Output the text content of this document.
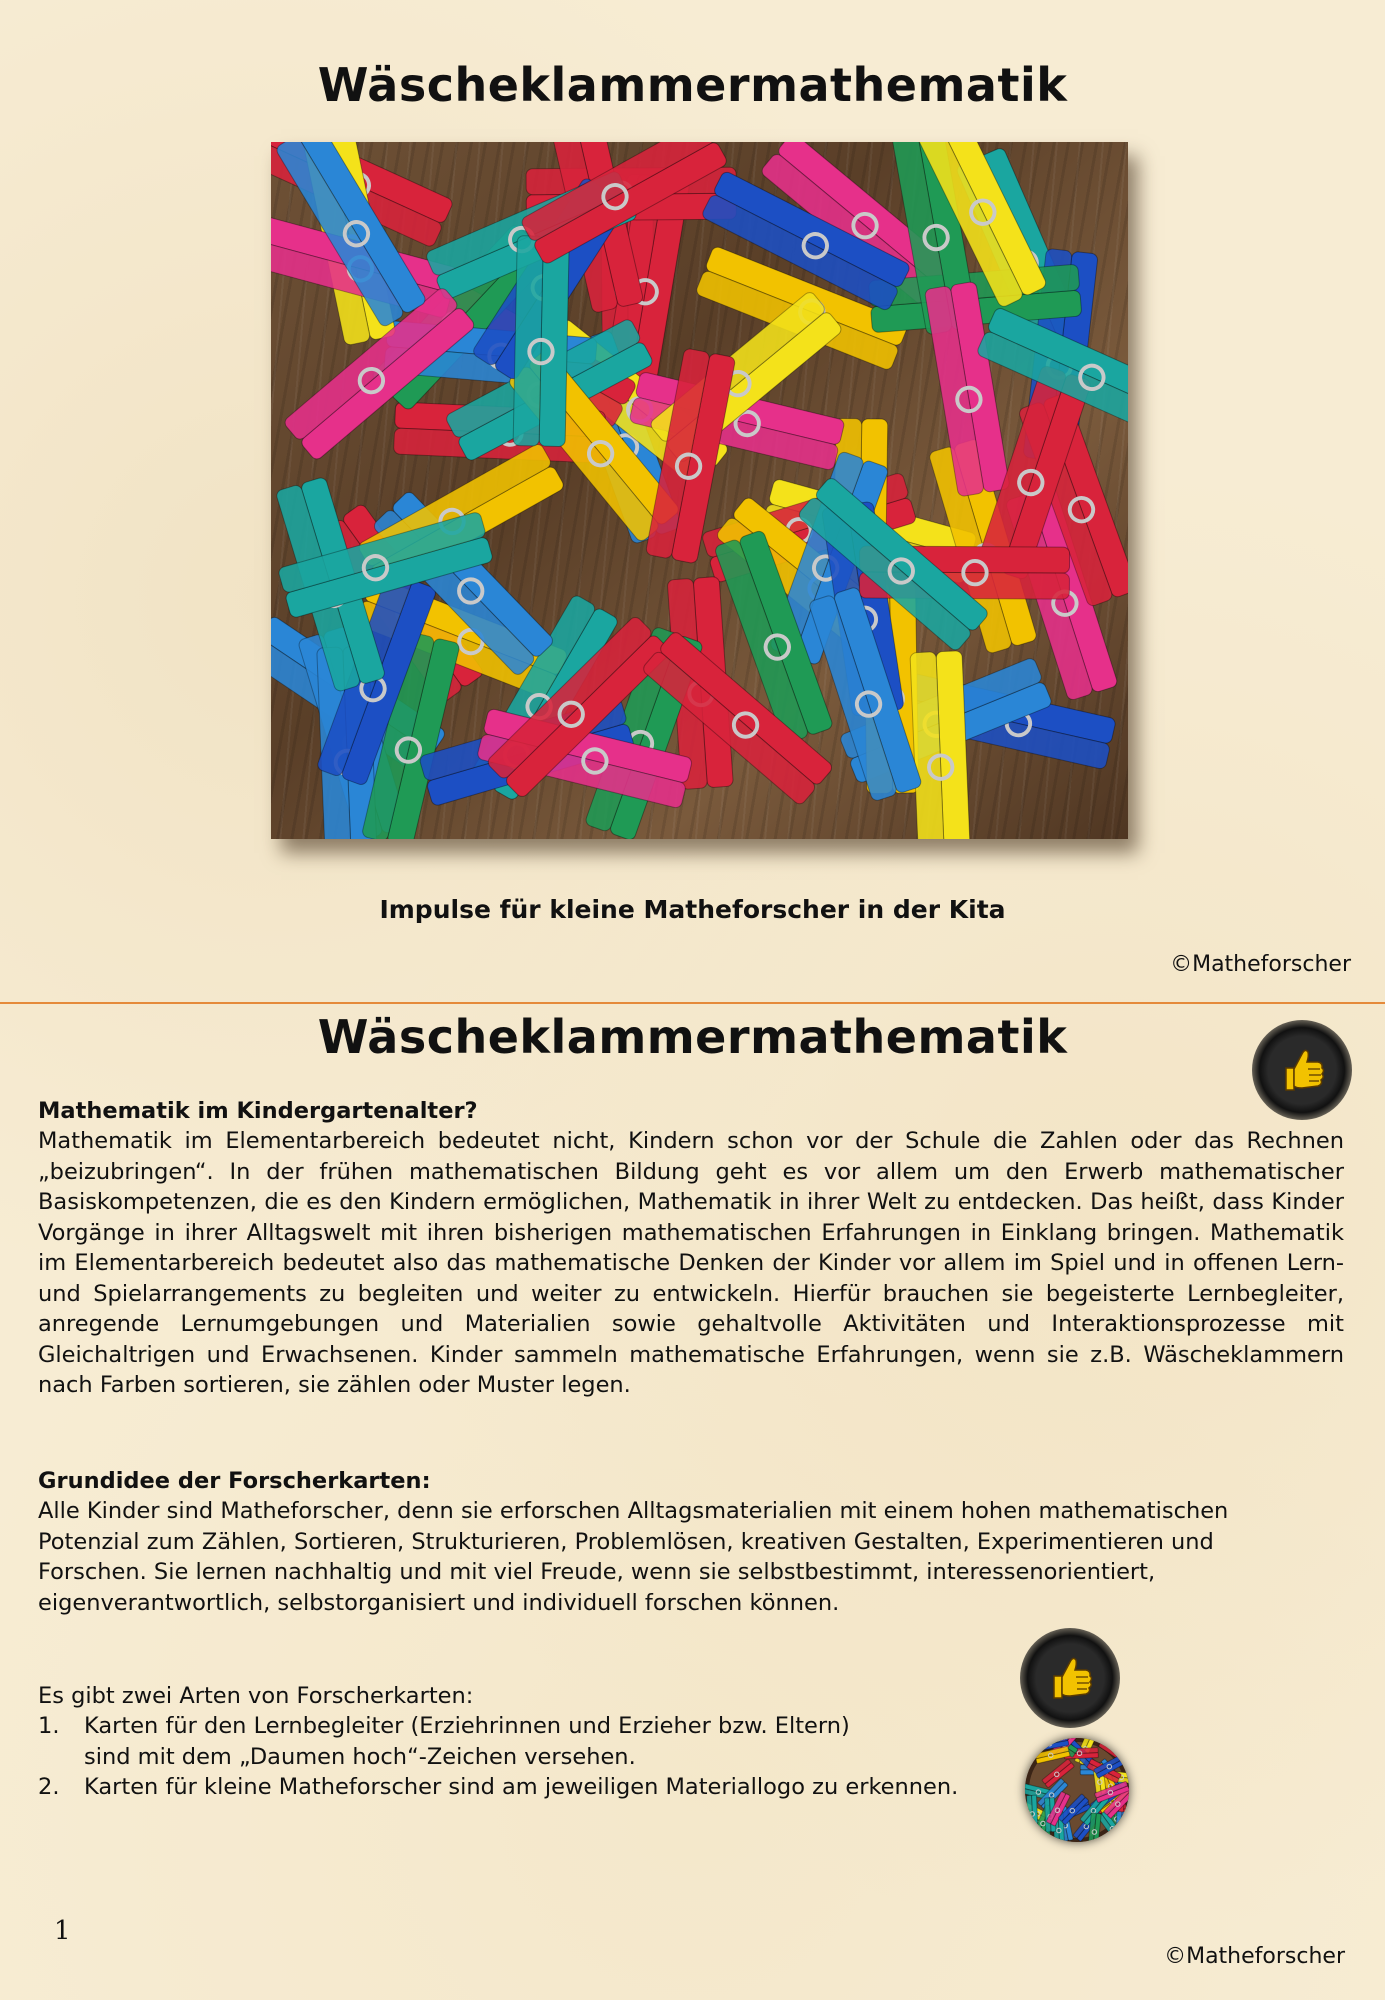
Wäscheklammermathematik

Impulse für kleine Matheforscher in der Kita

©Matheforscher
Wäscheklammermathematik
Mathematik im Kindergartenalter?

Mathematik im Elementarbereich bedeutet nicht, Kindern schon vor der Schule die Zahlen oder das Rechnen „beizubringen“. In der frühen mathematischen Bildung geht es vor allem um den Erwerb mathematischer Basiskompetenzen, die es den Kindern ermöglichen, Mathematik in ihrer Welt zu entdecken. Das heißt, dass Kinder Vorgänge in ihrer Alltagswelt mit ihren bisherigen mathematischen Erfahrungen in Einklang bringen. Mathematik im Elementarbereich bedeutet also das mathematische Denken der Kinder vor allem im Spiel und in offenen Lern- und Spielarrangements zu begleiten und weiter zu entwickeln. Hierfür brauchen sie begeisterte Lernbegleiter, anregende Lernumgebungen und Materialien sowie gehaltvolle Aktivitäten und Interaktionsprozesse mit Gleichaltrigen und Erwachsenen. Kinder sammeln mathematische Erfahrungen, wenn sie z.B. Wäscheklammern nach Farben sortieren, sie zählen oder Muster legen.

Grundidee der Forscherkarten:

Alle Kinder sind Matheforscher, denn sie erforschen Alltagsmaterialien mit einem hohen mathematischen Potenzial zum Zählen, Sortieren, Strukturieren, Problemlösen, kreativen Gestalten, Experimentieren und Forschen. Sie lernen nachhaltig und mit viel Freude, wenn sie selbstbestimmt, interessenorientiert, eigenverantwortlich, selbstorganisiert und individuell forschen können.

Es gibt zwei Arten von Forscherkarten:
1. Karten für den Lernbegleiter (Erziehrinnen und Erzieher bzw. Eltern)
sind mit dem „Daumen hoch“-Zeichen versehen.
2. Karten für kleine Matheforscher sind am jeweiligen Materiallogo zu erkennen.
1
©Matheforscher
